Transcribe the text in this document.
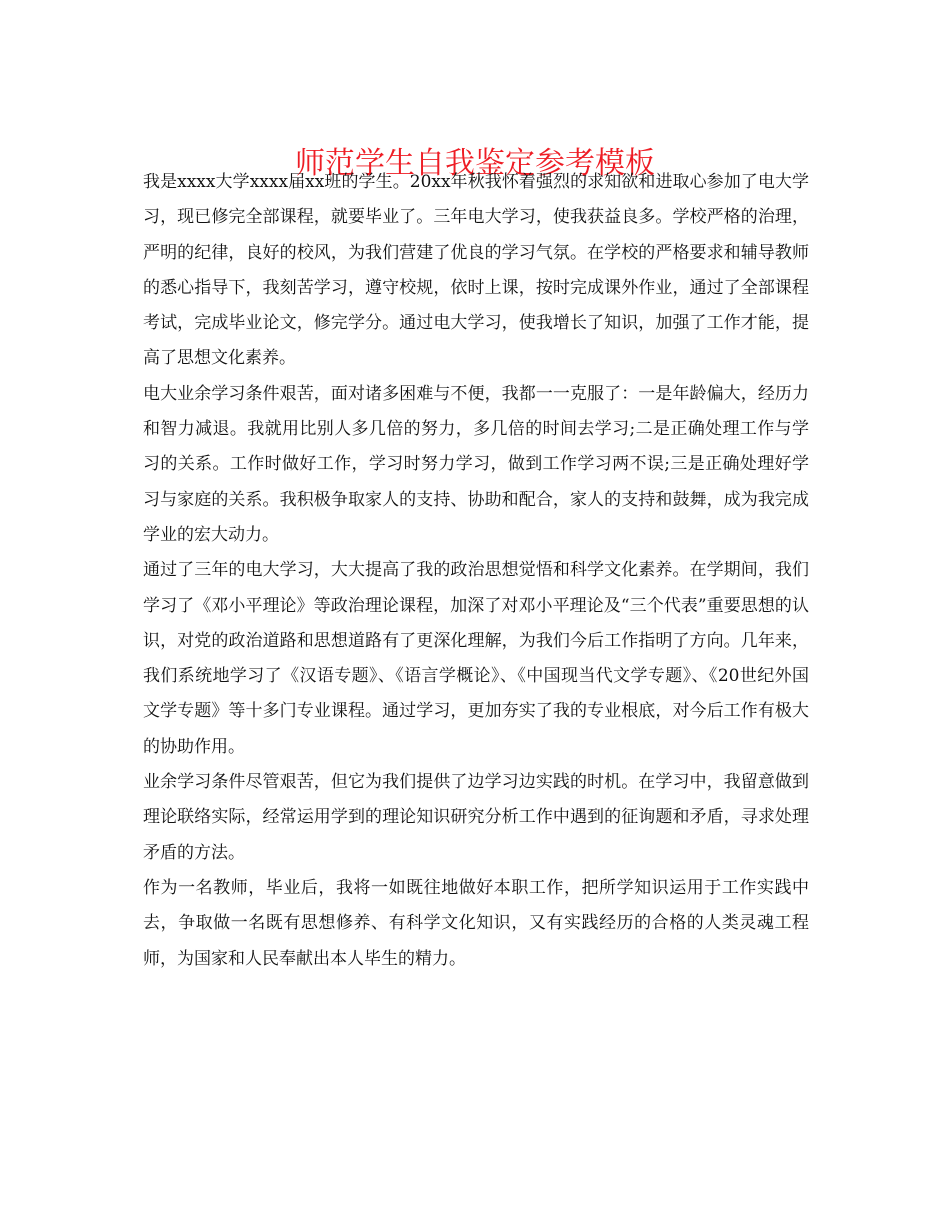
师范学生自我鉴定参考模板

我是xxxx大学xxxx届xx班的学生。20xx年秋我怀着强烈的求知欲和进取心参加了电大学习，现已修完全部课程，就要毕业了。三年电大学习，使我获益良多。学校严格的治理，严明的纪律，良好的校风，为我们营建了优良的学习气氛。在学校的严格要求和辅导教师的悉心指导下，我刻苦学习，遵守校规，依时上课，按时完成课外作业，通过了全部课程考试，完成毕业论文，修完学分。通过电大学习，使我增长了知识，加强了工作才能，提高了思想文化素养。

电大业余学习条件艰苦，面对诸多困难与不便，我都一一克服了：一是年龄偏大，经历力和智力减退。我就用比别人多几倍的努力，多几倍的时间去学习;二是正确处理工作与学习的关系。工作时做好工作，学习时努力学习，做到工作学习两不误;三是正确处理好学习与家庭的关系。我积极争取家人的支持、协助和配合，家人的支持和鼓舞，成为我完成学业的宏大动力。

通过了三年的电大学习，大大提高了我的政治思想觉悟和科学文化素养。在学期间，我们学习了《邓小平理论》等政治理论课程，加深了对邓小平理论及“三个代表”重要思想的认识，对党的政治道路和思想道路有了更深化理解，为我们今后工作指明了方向。几年来，我们系统地学习了《汉语专题》、《语言学概论》、《中国现当代文学专题》、《20世纪外国文学专题》等十多门专业课程。通过学习，更加夯实了我的专业根底，对今后工作有极大的协助作用。

业余学习条件尽管艰苦，但它为我们提供了边学习边实践的时机。在学习中，我留意做到理论联络实际，经常运用学到的理论知识研究分析工作中遇到的征询题和矛盾，寻求处理矛盾的方法。

作为一名教师，毕业后，我将一如既往地做好本职工作，把所学知识运用于工作实践中去，争取做一名既有思想修养、有科学文化知识，又有实践经历的合格的人类灵魂工程师，为国家和人民奉献出本人毕生的精力。
